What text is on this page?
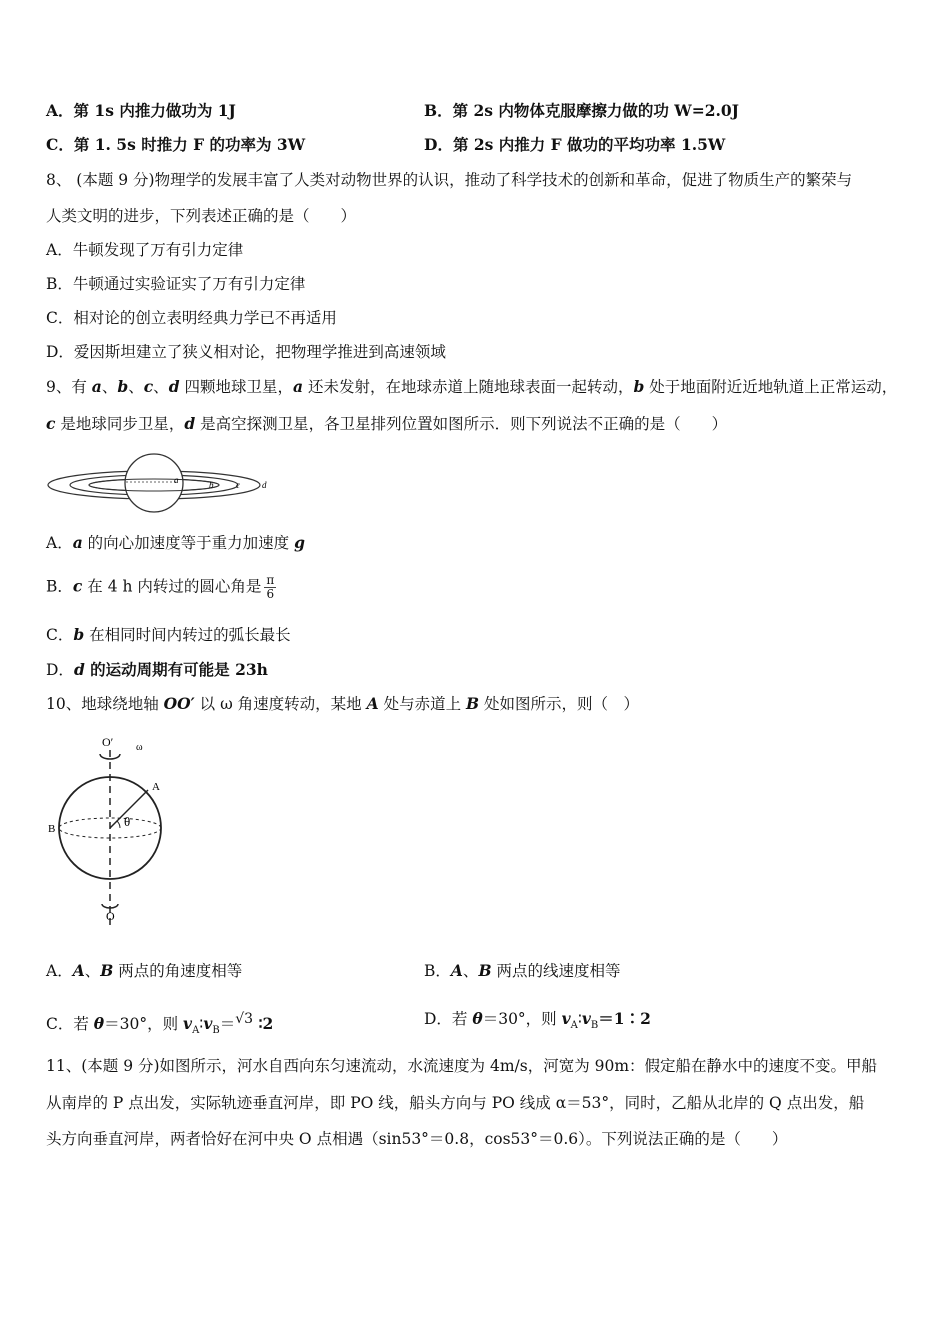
A．第 1s 内推力做功为 1J	B．第 2s 内物体克服摩擦力做的功 W=2.0J
C．第 1. 5s 时推力 F 的功率为 3W	D．第 2s 内推力 F 做功的平均功率 1.5W
8、 (本题 9 分)物理学的发展丰富了人类对动物世界的认识，推动了科学技术的创新和革命，促进了物质生产的繁荣与
人类文明的进步，下列表述正确的是（　　）
A．牛顿发现了万有引力定律
B．牛顿通过实验证实了万有引力定律
C．相对论的创立表明经典力学已不再适用
D．爱因斯坦建立了狭义相对论，把物理学推进到高速领域
9、有 a、b、c、d 四颗地球卫星，a 还未发射，在地球赤道上随地球表面一起转动，b 处于地面附近近地轨道上正常运动，
c 是地球同步卫星，d 是高空探测卫星，各卫星排列位置如图所示．则下列说法不正确的是（　　）
a	b	c d
A．a 的向心加速度等于重力加速度 g
B．c 在 4 h 内转过的圆心角是 $\frac{\pi}{6}$
C．b 在相同时间内转过的弧长最长
D．d 的运动周期有可能是 23h
10、地球绕地轴 OO′ 以 ω 角速度转动，某地 A 处与赤道上 B 处如图所示，则（　）
O′ ω
A
B	θ
O
A．A、B 两点的角速度相等	B．A、B 两点的线速度相等
C．若 θ＝30°，则 $v_A∶v_B=√3$ ∶2	D．若 θ＝30°，则 $v_A∶v_B=1∶2$
11、(本题 9 分)如图所示，河水自西向东匀速流动，水流速度为 4m/s，河宽为 90m：假定船在静水中的速度不变。甲船
从南岸的 P 点出发，实际轨迹垂直河岸，即 PO 线，船头方向与 PO 线成 α＝53°，同时，乙船从北岸的 Q 点出发，船
头方向垂直河岸，两者恰好在河中央 O 点相遇（sin53°＝0.8，cos53°＝0.6）。下列说法正确的是（　　）
